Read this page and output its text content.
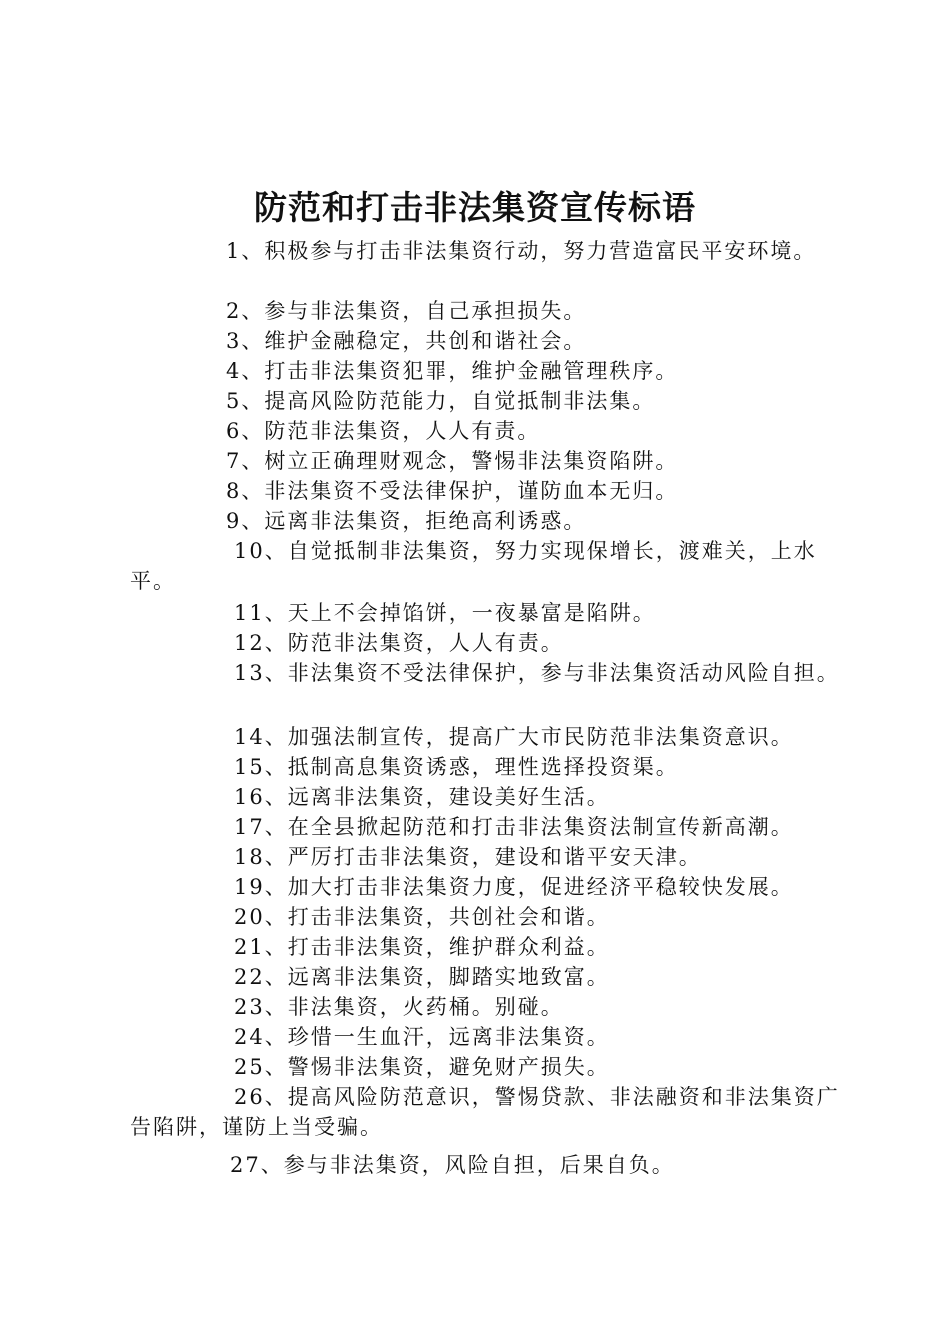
防范和打击非法集资宣传标语

1、积极参与打击非法集资行动，努力营造富民平安环境。

2、参与非法集资，自己承担损失。

3、维护金融稳定，共创和谐社会。

4、打击非法集资犯罪，维护金融管理秩序。

5、提高风险防范能力，自觉抵制非法集。

6、防范非法集资，人人有责。

7、树立正确理财观念，警惕非法集资陷阱。

8、非法集资不受法律保护，谨防血本无归。

9、远离非法集资，拒绝高利诱惑。

10、自觉抵制非法集资，努力实现保增长，渡难关，上水平。

11、天上不会掉馅饼，一夜暴富是陷阱。

12、防范非法集资，人人有责。

13、非法集资不受法律保护，参与非法集资活动风险自担。

14、加强法制宣传，提高广大市民防范非法集资意识。

15、抵制高息集资诱惑，理性选择投资渠。

16、远离非法集资，建设美好生活。

17、在全县掀起防范和打击非法集资法制宣传新高潮。

18、严厉打击非法集资，建设和谐平安天津。

19、加大打击非法集资力度，促进经济平稳较快发展。

20、打击非法集资，共创社会和谐。

21、打击非法集资，维护群众利益。

22、远离非法集资，脚踏实地致富。

23、非法集资，火药桶。别碰。

24、珍惜一生血汗，远离非法集资。

25、警惕非法集资，避免财产损失。

26、提高风险防范意识，警惕贷款、非法融资和非法集资广告陷阱，谨防上当受骗。

27、参与非法集资，风险自担，后果自负。
